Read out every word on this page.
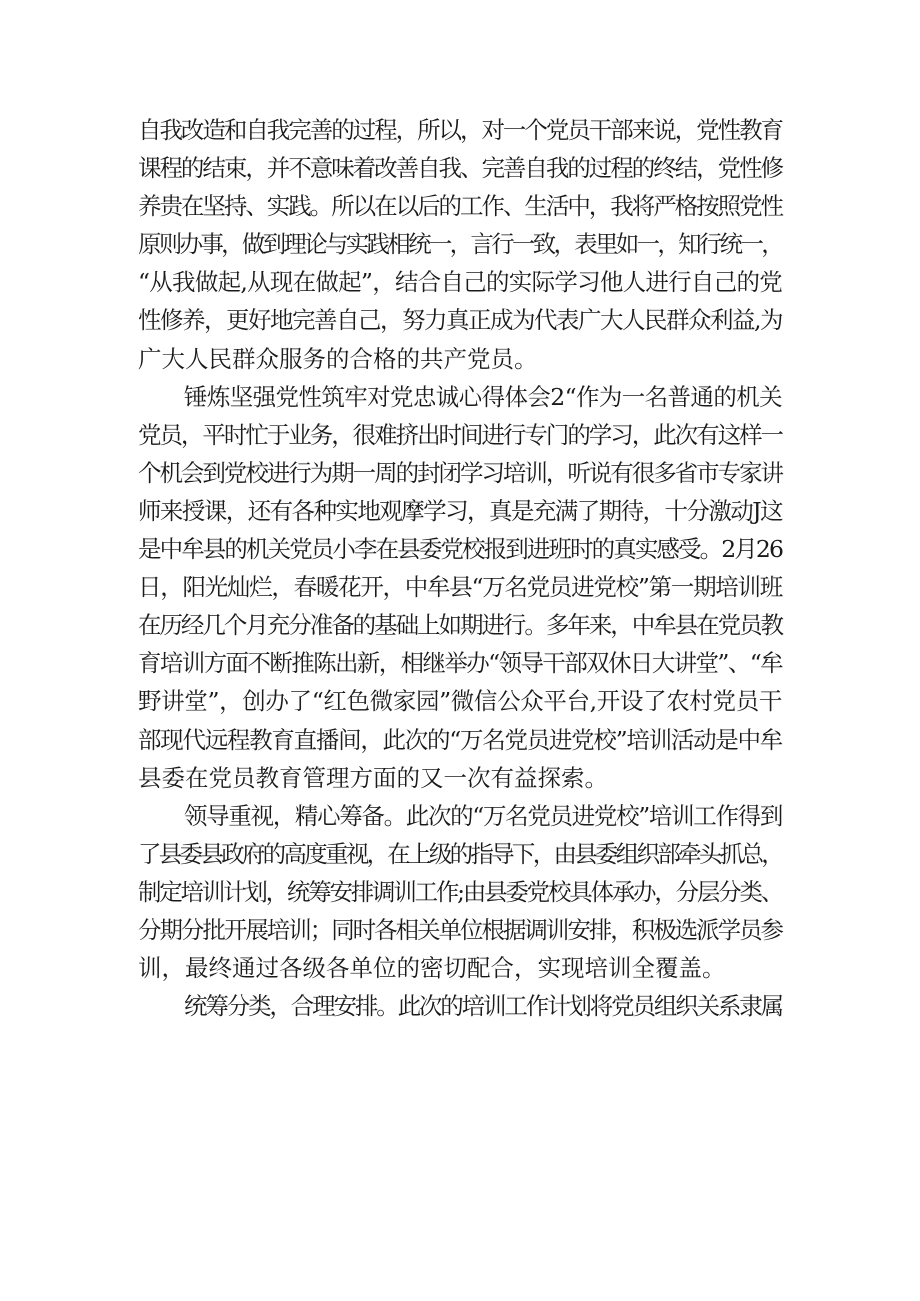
自我改造和自我完善的过程，所以，对一个党员干部来说，党性教育
课程的结束，并不意味着改善自我、完善自我的过程的终结，党性修
养贵在坚持、实践。所以在以后的工作、生活中，我将严格按照党性
原则办事，做到理论与实践相统一，言行一致，表里如一，知行统一，
“从我做起,从现在做起”，结合自己的实际学习他人进行自己的党
性修养，更好地完善自己，努力真正成为代表广大人民群众利益,为
广大人民群众服务的合格的共产党员。
锤炼坚强党性筑牢对党忠诚心得体会2“作为一名普通的机关
党员，平时忙于业务，很难挤出时间进行专门的学习，此次有这样一
个机会到党校进行为期一周的封闭学习培训，听说有很多省市专家讲
师来授课，还有各种实地观摩学习，真是充满了期待，十分激动J这
是中牟县的机关党员小李在县委党校报到进班时的真实感受。2月26
日，阳光灿烂，春暖花开，中牟县“万名党员进党校”第一期培训班
在历经几个月充分准备的基础上如期进行。多年来，中牟县在党员教
育培训方面不断推陈出新，相继举办“领导干部双休日大讲堂”、“牟
野讲堂”，创办了“红色微家园”微信公众平台,开设了农村党员干
部现代远程教育直播间，此次的“万名党员进党校”培训活动是中牟
县委在党员教育管理方面的又一次有益探索。
领导重视，精心筹备。此次的“万名党员进党校”培训工作得到
了县委县政府的高度重视，在上级的指导下，由县委组织部牵头抓总，
制定培训计划，统筹安排调训工作;由县委党校具体承办，分层分类、
分期分批开展培训；同时各相关单位根据调训安排，积极选派学员参
训，最终通过各级各单位的密切配合，实现培训全覆盖。
统筹分类，合理安排。此次的培训工作计划将党员组织关系隶属
